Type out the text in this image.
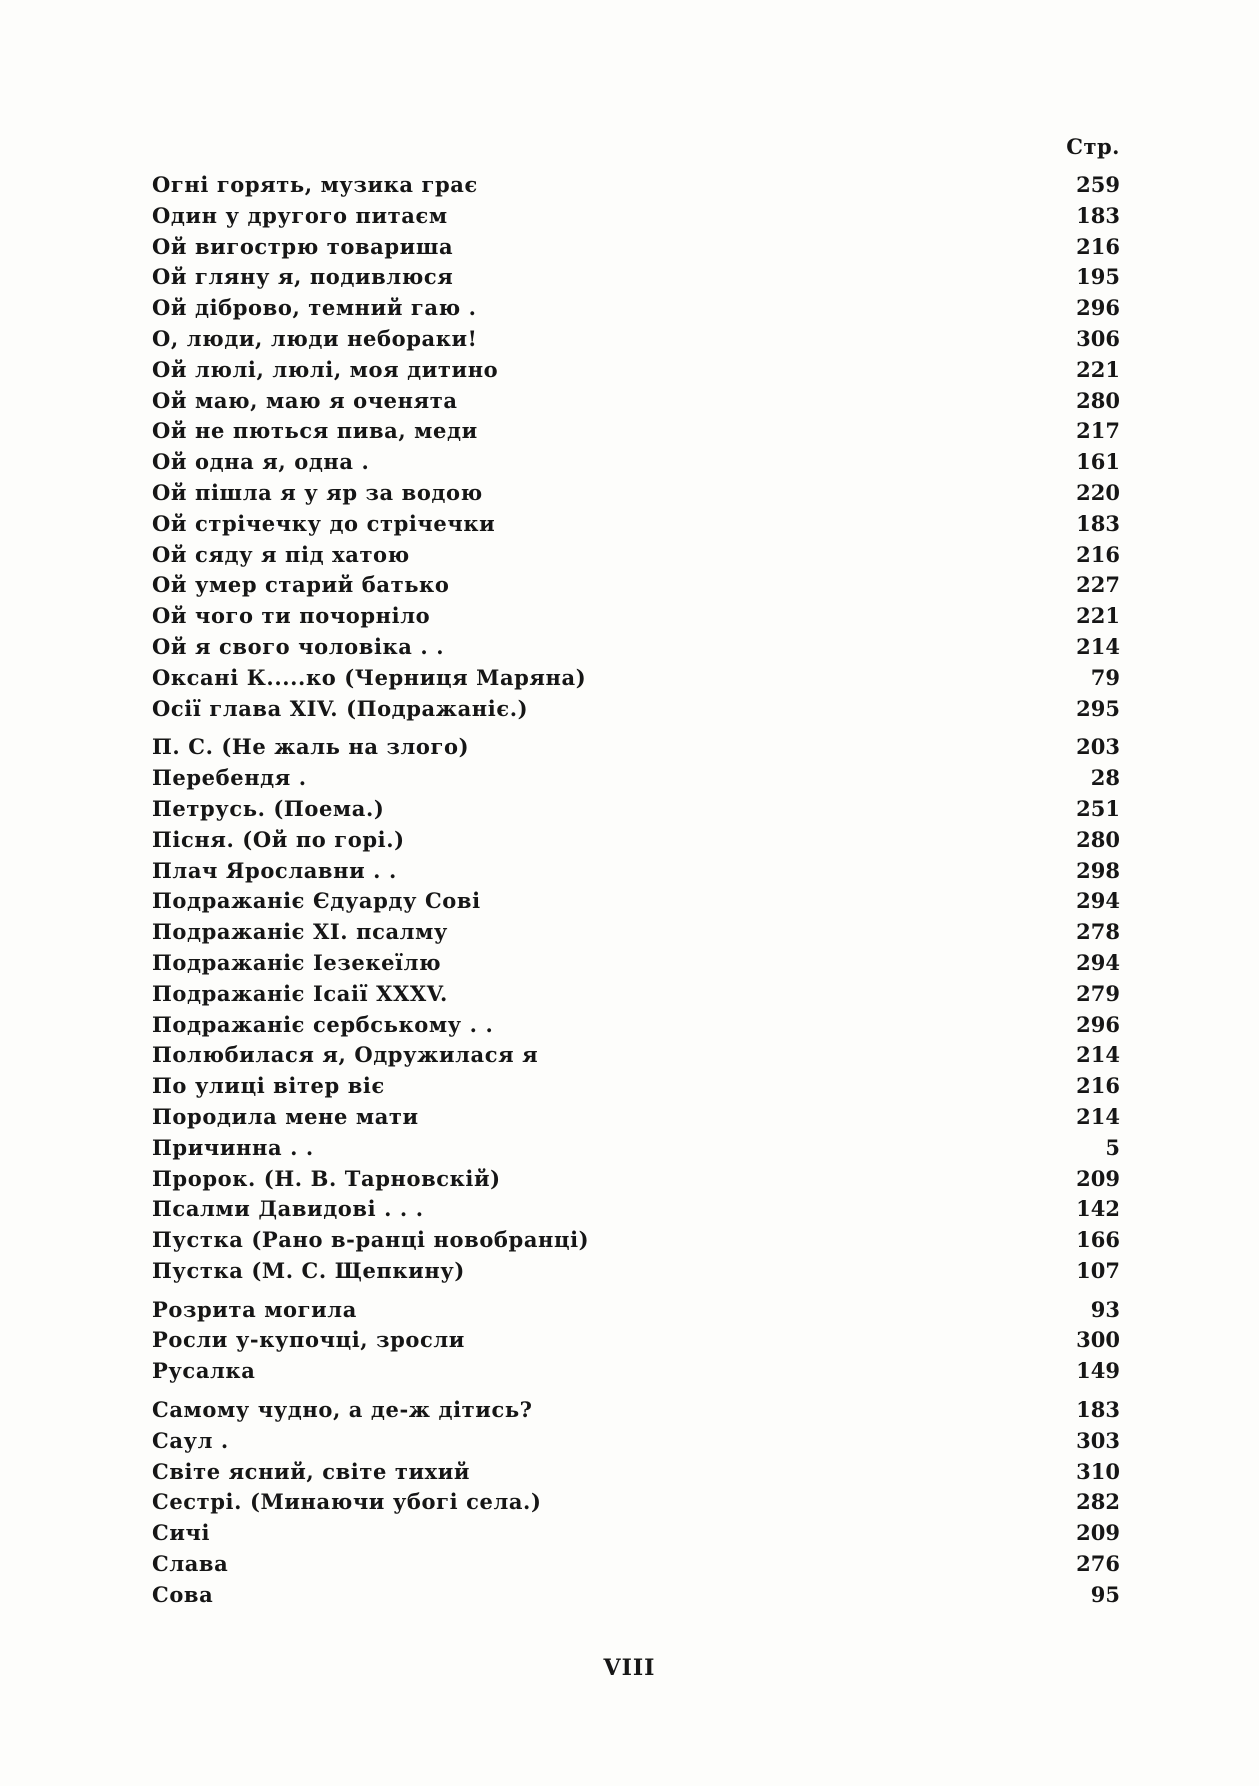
Стр.
Огні горять, музика грає	259
Один у другого питаєм	183
Ой вигострю товариша	216
Ой гляну я, подивлюся	195
Ой діброво, темний гаю .	296
О, люди, люди небораки!	306
Ой люлі, люлі, моя дитино	221
Ой маю, маю я оченята	280
Ой не пються пива, меди	217
Ой одна я, одна .	161
Ой пішла я у яр за водою	220
Ой стрічечку до стрічечки	183
Ой сяду я під хатою	216
Ой умер старий батько	227
Ой чого ти почорніло	221
Ой я свого чоловіка . .	214
Оксані К.....ко (Черниця Маряна)	79
Осії глава XIV. (Подражаніє.)	295
П. С. (Не жаль на злого)	203
Перебендя .	28
Петрусь. (Поема.)	251
Пісня. (Ой по горі.)	280
Плач Ярославни . .	298
Подражаніє Єдуарду Сові	294
Подражаніє XI. псалму	278
Подражаніє Іезекеїлю	294
Подражаніє Ісаії XXXV.	279
Подражаніє сербському . .	296
Полюбилася я, Одружилася я	214
По улиці вітер віє	216
Породила мене мати	214
Причинна . .	5
Пророк. (Н. В. Тарновскій)	209
Псалми Давидові . . .	142
Пустка (Рано в-ранці новобранці)	166
Пустка (М. С. Щепкину)	107
Розрита могила	93
Росли у-купочці, зросли	300
Русалка	149
Самому чудно, а де-ж дітись?	183
Саул .	303
Світе ясний, світе тихий	310
Сестрі. (Минаючи убогі села.)	282
Сичі	209
Слава	276
Сова	95
VIII
